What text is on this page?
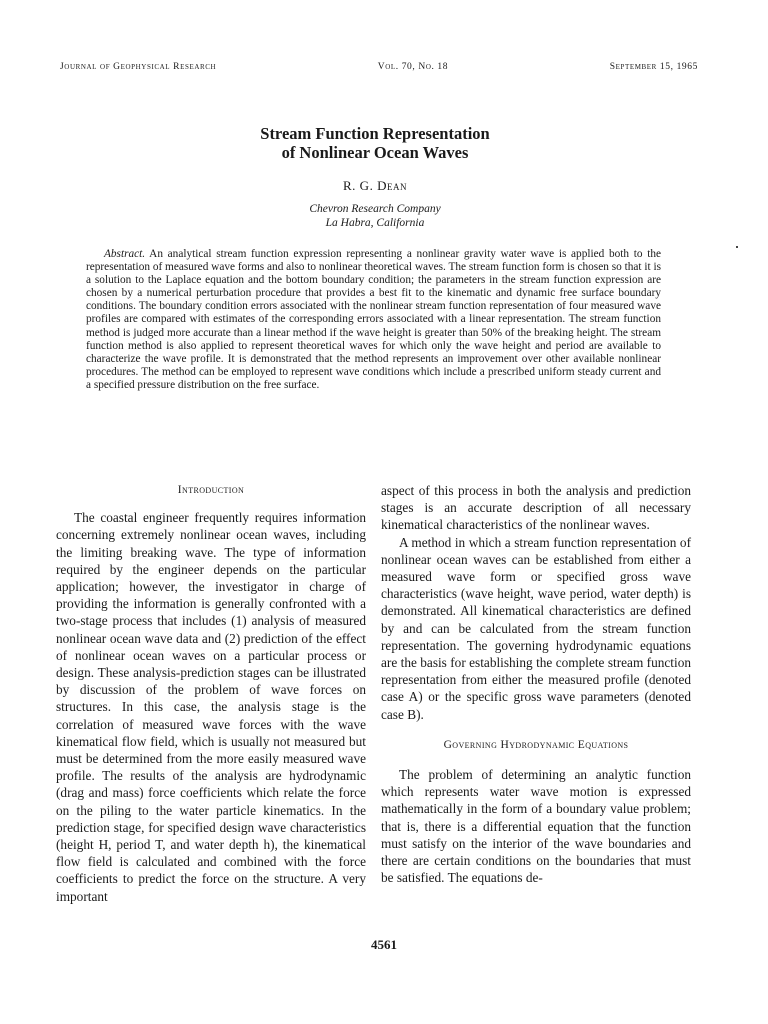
Journal of Geophysical Research	Vol. 70, No. 18	September 15, 1965
Stream Function Representation
of Nonlinear Ocean Waves
R. G. Dean
Chevron Research Company
La Habra, California

Abstract. An analytical stream function expression representing a nonlinear gravity water wave is applied both to the representation of measured wave forms and also to nonlinear theoretical waves. The stream function form is chosen so that it is a solution to the Laplace equation and the bottom boundary condition; the parameters in the stream function expression are chosen by a numerical perturbation procedure that provides a best fit to the kinematic and dynamic free surface boundary conditions. The boundary condition errors associated with the nonlinear stream function representation of four measured wave profiles are compared with estimates of the corresponding errors associated with a linear representation. The stream function method is judged more accurate than a linear method if the wave height is greater than 50% of the breaking height. The stream function method is also applied to represent theoretical waves for which only the wave height and period are available to characterize the wave profile. It is demonstrated that the method represents an improvement over other available nonlinear procedures. The method can be employed to represent wave conditions which include a prescribed uniform steady current and a specified pressure distribution on the free surface.

Introduction

The coastal engineer frequently requires information concerning extremely nonlinear ocean waves, including the limiting breaking wave. The type of information required by the engineer depends on the particular application; however, the investigator in charge of providing the information is generally confronted with a two-stage process that includes (1) analysis of measured nonlinear ocean wave data and (2) prediction of the effect of nonlinear ocean waves on a particular process or design. These analysis-prediction stages can be illustrated by discussion of the problem of wave forces on structures. In this case, the analysis stage is the correlation of measured wave forces with the wave kinematical flow field, which is usually not measured but must be determined from the more easily measured wave profile. The results of the analysis are hydrodynamic (drag and mass) force coefficients which relate the force on the piling to the water particle kinematics. In the prediction stage, for specified design wave characteristics (height H, period T, and water depth h), the kinematical flow field is calculated and combined with the force coefficients to predict the force on the structure. A very important

aspect of this process in both the analysis and prediction stages is an accurate description of all necessary kinematical characteristics of the nonlinear waves.

A method in which a stream function representation of nonlinear ocean waves can be established from either a measured wave form or specified gross wave characteristics (wave height, wave period, water depth) is demonstrated. All kinematical characteristics are defined by and can be calculated from the stream function representation. The governing hydrodynamic equations are the basis for establishing the complete stream function representation from either the measured profile (denoted case A) or the specific gross wave parameters (denoted case B).

Governing Hydrodynamic Equations

The problem of determining an analytic function which represents water wave motion is expressed mathematically in the form of a boundary value problem; that is, there is a differential equation that the function must satisfy on the interior of the wave boundaries and there are certain conditions on the boundaries that must be satisfied. The equations de-

4561
